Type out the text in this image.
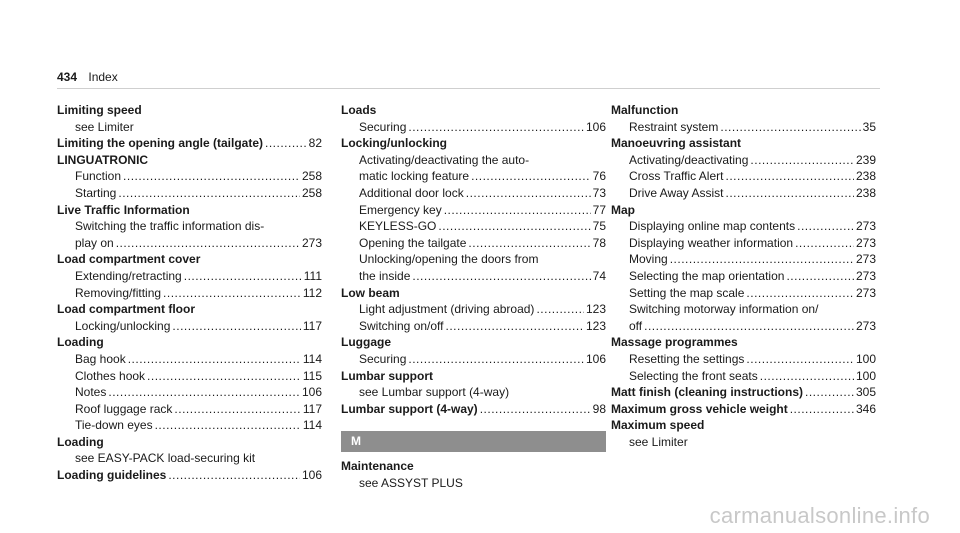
434 Index
Limiting speed
see Limiter
Limiting the opening angle (tailgate) .....	82
LINGUATRONIC
Function .....	258
Starting .....	258
Live Traffic Information
Switching the traffic information dis-
play on .....	273
Load compartment cover
Extending/retracting .....	111
Removing/fitting .....	112
Load compartment floor
Locking/unlocking .....	117
Loading
Bag hook .....	114
Clothes hook .....	115
Notes .....	106
Roof luggage rack .....	117
Tie-down eyes .....	114
Loading
see EASY-PACK load-securing kit
Loading guidelines .....	106
Loads
Securing .....	106
Locking/unlocking
Activating/deactivating the auto-
matic locking feature .....	76
Additional door lock .....	73
Emergency key .....	77
KEYLESS-GO .....	75
Opening the tailgate .....	78
Unlocking/opening the doors from
the inside .....	74
Low beam
Light adjustment (driving abroad) .....	123
Switching on/off .....	123
Luggage
Securing .....	106
Lumbar support
see Lumbar support (4-way)
Lumbar support (4-way) .....	98
M
Maintenance
see ASSYST PLUS
Malfunction
Restraint system .....	35
Manoeuvring assistant
Activating/deactivating .....	239
Cross Traffic Alert .....	238
Drive Away Assist .....	238
Map
Displaying online map contents .....	273
Displaying weather information .....	273
Moving .....	273
Selecting the map orientation .....	273
Setting the map scale .....	273
Switching motorway information on/
off .....	273
Massage programmes
Resetting the settings .....	100
Selecting the front seats .....	100
Matt finish (cleaning instructions) .....	305
Maximum gross vehicle weight .....	346
Maximum speed
see Limiter
carmanualsonline.info
